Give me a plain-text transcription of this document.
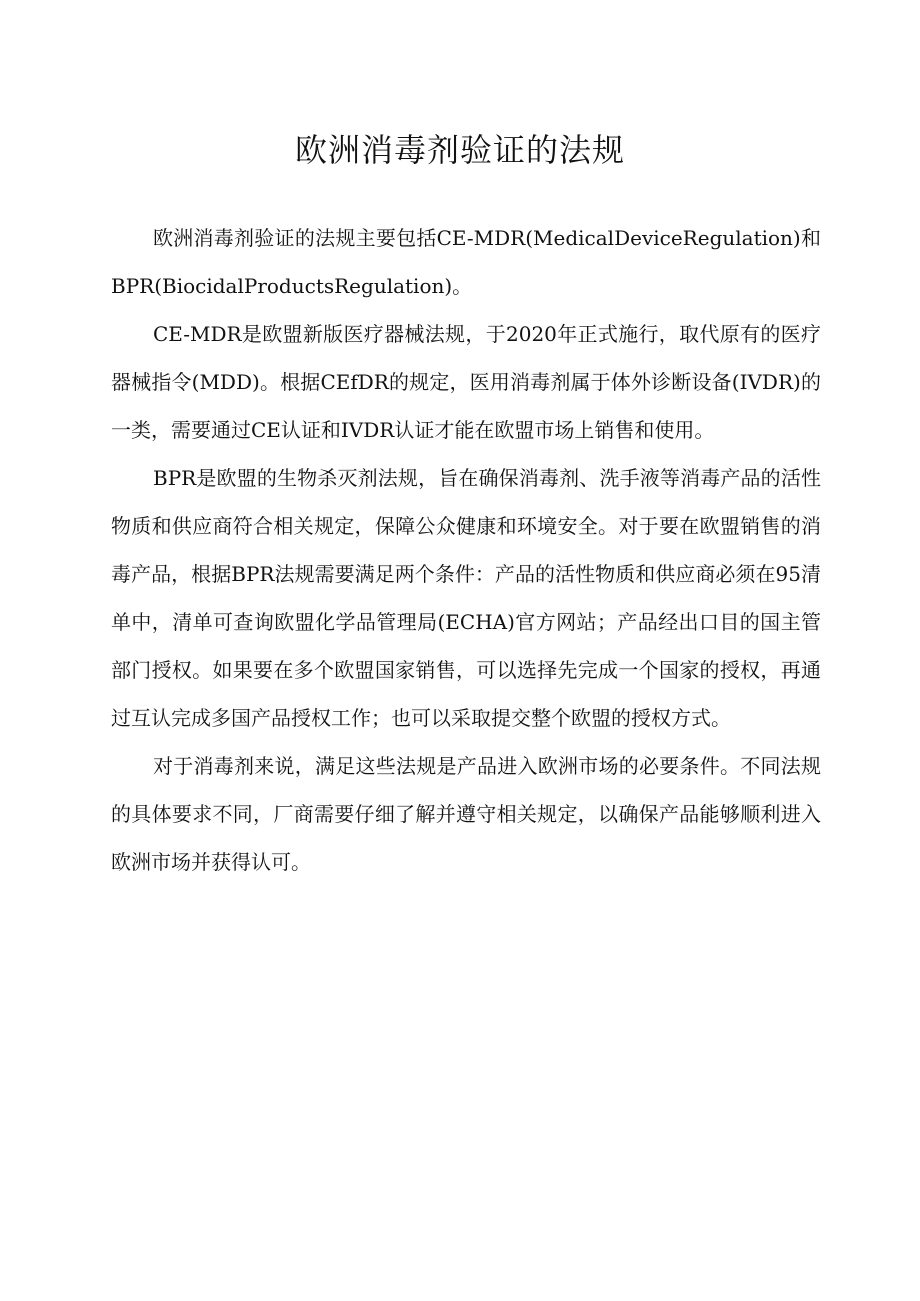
欧洲消毒剂验证的法规

欧洲消毒剂验证的法规主要包括CE-MDR(MedicalDeviceRegulation)和BPR(BiocidalProductsRegulation)。

CE-MDR是欧盟新版医疗器械法规，于2020年正式施行，取代原有的医疗器械指令(MDD)。根据CEfDR的规定，医用消毒剂属于体外诊断设备(IVDR)的一类，需要通过CE认证和IVDR认证才能在欧盟市场上销售和使用。

BPR是欧盟的生物杀灭剂法规，旨在确保消毒剂、洗手液等消毒产品的活性物质和供应商符合相关规定，保障公众健康和环境安全。对于要在欧盟销售的消毒产品，根据BPR法规需要满足两个条件：产品的活性物质和供应商必须在95清单中，清单可查询欧盟化学品管理局(ECHA)官方网站；产品经出口目的国主管部门授权。如果要在多个欧盟国家销售，可以选择先完成一个国家的授权，再通过互认完成多国产品授权工作；也可以采取提交整个欧盟的授权方式。

对于消毒剂来说，满足这些法规是产品进入欧洲市场的必要条件。不同法规的具体要求不同，厂商需要仔细了解并遵守相关规定，以确保产品能够顺利进入欧洲市场并获得认可。
